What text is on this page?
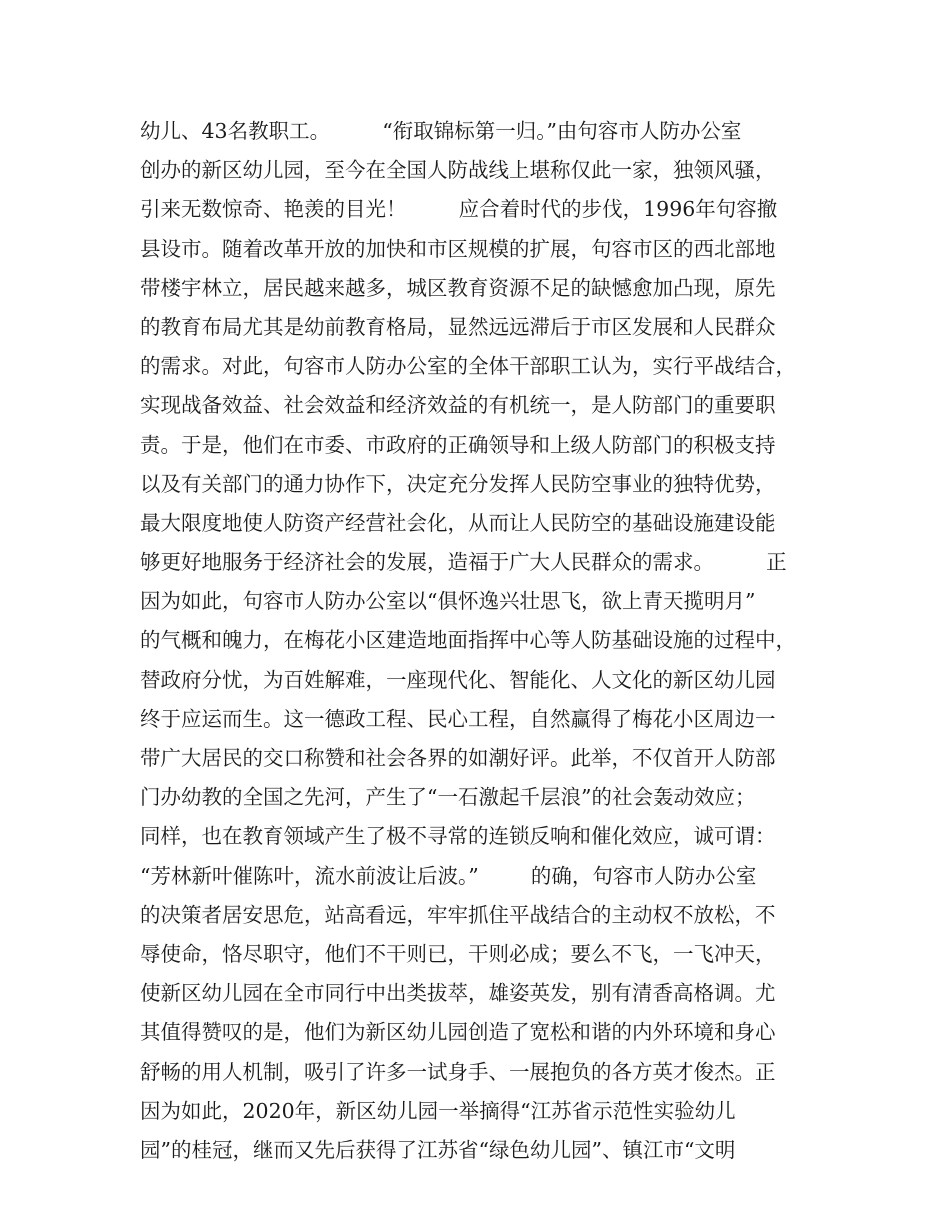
幼儿、43名教职工。        “衔取锦标第一归。”由句容市人防办公室
创办的新区幼儿园，至今在全国人防战线上堪称仅此一家，独领风骚，
引来无数惊奇、艳羡的目光！        应合着时代的步伐，1996年句容撤
县设市。随着改革开放的加快和市区规模的扩展，句容市区的西北部地
带楼宇林立，居民越来越多，城区教育资源不足的缺憾愈加凸现，原先
的教育布局尤其是幼前教育格局，显然远远滞后于市区发展和人民群众
的需求。对此，句容市人防办公室的全体干部职工认为，实行平战结合，
实现战备效益、社会效益和经济效益的有机统一，是人防部门的重要职
责。于是，他们在市委、市政府的正确领导和上级人防部门的积极支持
以及有关部门的通力协作下，决定充分发挥人民防空事业的独特优势，
最大限度地使人防资产经营社会化，从而让人民防空的基础设施建设能
够更好地服务于经济社会的发展，造福于广大人民群众的需求。        正
因为如此，句容市人防办公室以“俱怀逸兴壮思飞，欲上青天揽明月”
的气概和魄力，在梅花小区建造地面指挥中心等人防基础设施的过程中，
替政府分忧，为百姓解难，一座现代化、智能化、人文化的新区幼儿园
终于应运而生。这一德政工程、民心工程，自然赢得了梅花小区周边一
带广大居民的交口称赞和社会各界的如潮好评。此举，不仅首开人防部
门办幼教的全国之先河，产生了“一石激起千层浪”的社会轰动效应；
同样，也在教育领域产生了极不寻常的连锁反响和催化效应，诚可谓：
“芳林新叶催陈叶，流水前波让后波。”        的确，句容市人防办公室
的决策者居安思危，站高看远，牢牢抓住平战结合的主动权不放松，不
辱使命，恪尽职守，他们不干则已，干则必成；要么不飞，一飞冲天，
使新区幼儿园在全市同行中出类拔萃，雄姿英发，别有清香高格调。尤
其值得赞叹的是，他们为新区幼儿园创造了宽松和谐的内外环境和身心
舒畅的用人机制，吸引了许多一试身手、一展抱负的各方英才俊杰。正
因为如此，2020年，新区幼儿园一举摘得“江苏省示范性实验幼儿
园”的桂冠，继而又先后获得了江苏省“绿色幼儿园”、镇江市“文明
